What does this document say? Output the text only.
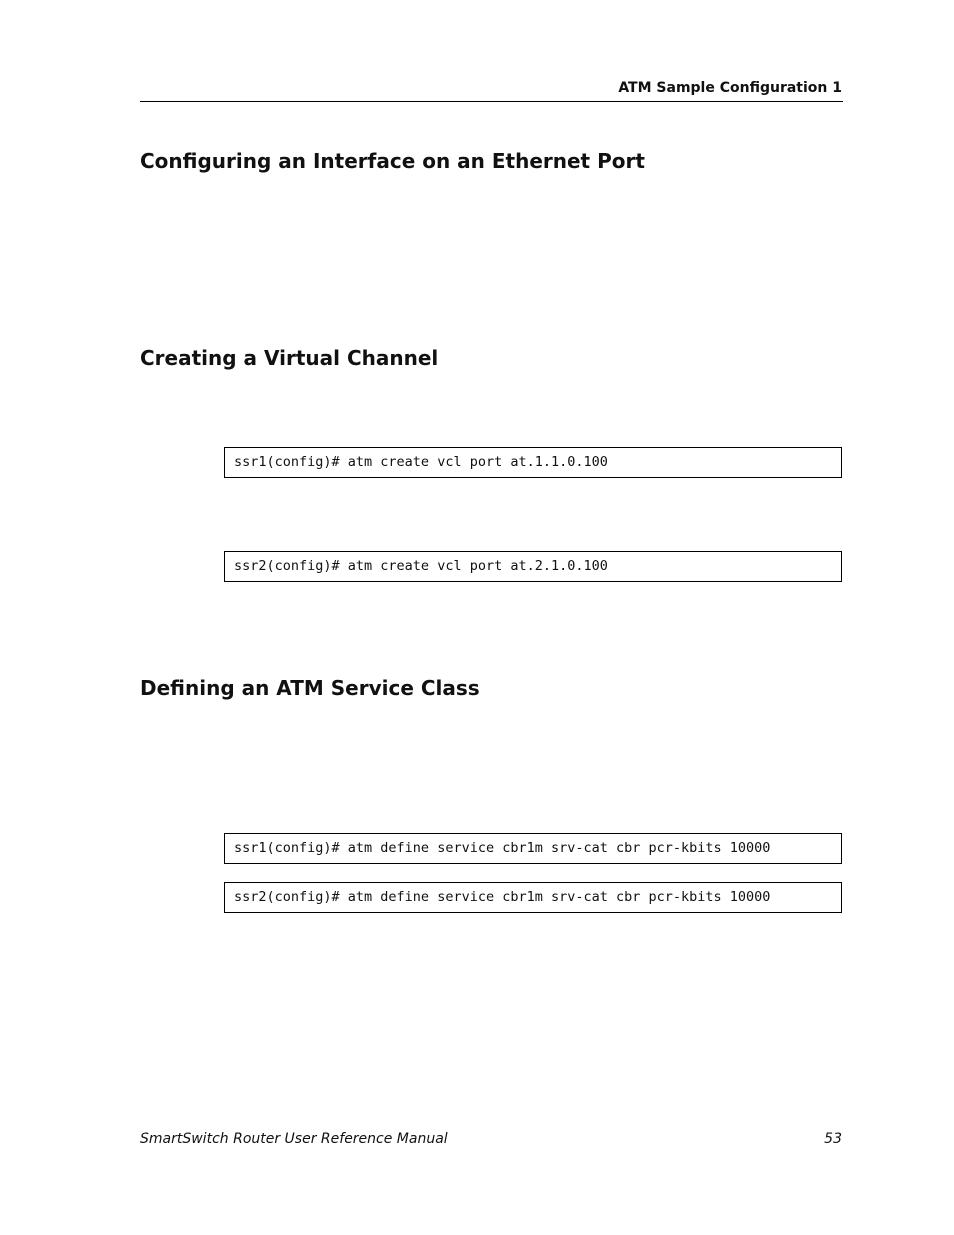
ATM Sample Configuration 1
Configuring an Interface on an Ethernet Port
Creating a Virtual Channel
ssr1(config)# atm create vcl port at.1.1.0.100
ssr2(config)# atm create vcl port at.2.1.0.100
Defining an ATM Service Class
ssr1(config)# atm define service cbr1m srv-cat cbr pcr-kbits 10000
ssr2(config)# atm define service cbr1m srv-cat cbr pcr-kbits 10000
SmartSwitch Router User Reference Manual	53
